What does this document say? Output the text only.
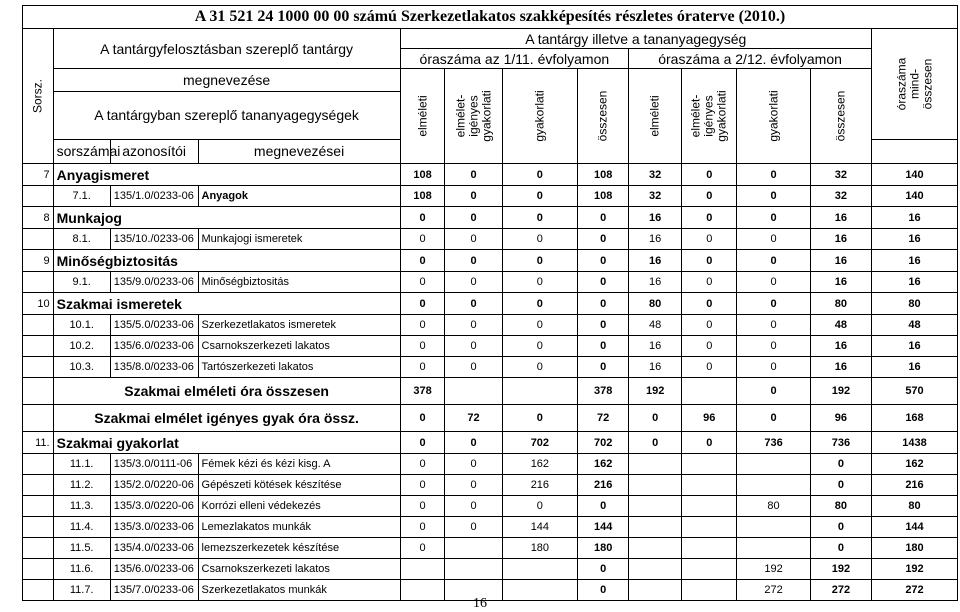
A 31 521 24 1000 00 00 számú Szerkezetlakatos szakképesítés részletes óraterve (2010.)												

Sorsz.	A tantárgyfelosztásban szereplő tantárgy			A tantárgy illetve a tananyagegység								óraszáma mind-összesen

				óraszáma az 1/11. évfolyamon				óraszáma a 2/12. évfolyamon				
	megnevezése			elméleti	elmélet-igényes gyakorlati	gyakorlati	összesen	elméleti	elmélet-igényes gyakorlati	gyakorlati	összesen	

	A tantárgyban szereplő tananyagegységek											
	sorszámai	azonosítói	megnevezései									
7	Anyagismeret			108	0	0	108	32	0	0	32	140
	7.1.	135/1.0/0233-06	Anyagok	108	0	0	108	32	0	0	32	140
8	Munkajog			0	0	0	0	16	0	0	16	16
	8.1.	135/10./0233-06	Munkajogi ismeretek	0	0	0	0	16	0	0	16	16
9	Minőségbiztositás			0	0	0	0	16	0	0	16	16
	9.1.	135/9.0/0233-06	Minőségbiztositás	0	0	0	0	16	0	0	16	16
10	Szakmai ismeretek			0	0	0	0	80	0	0	80	80
	10.1.	135/5.0/0233-06	Szerkezetlakatos ismeretek	0	0	0	0	48	0	0	48	48
	10.2.	135/6.0/0233-06	Csarnokszerkezeti lakatos	0	0	0	0	16	0	0	16	16
	10.3.	135/8.0/0233-06	Tartószerkezeti lakatos	0	0	0	0	16	0	0	16	16
	Szakmai elméleti óra összesen			378			378	192		0	192	570
	Szakmai elmélet igényes gyak óra össz.			0	72	0	72	0	96	0	96	168
11.	Szakmai gyakorlat			0	0	702	702	0	0	736	736	1438
	11.1.	135/3.0/0111-06	Fémek kézi és kézi kisg. A	0	0	162	162				0	162
	11.2.	135/2.0/0220-06	Gépészeti kötések készítése	0	0	216	216				0	216
	11.3.	135/3.0/0220-06	Korrózi elleni védekezés	0	0	0	0			80	80	80
	11.4.	135/3.0/0233-06	Lemezlakatos munkák	0	0	144	144				0	144
	11.5.	135/4.0/0233-06	lemezszerkezetek készítése	0		180	180				0	180
	11.6.	135/6.0/0233-06	Csarnokszerkezeti lakatos				0			192	192	192
	11.7.	135/7.0/0233-06	Szerkezetlakatos munkák				0			272	272	272
16
